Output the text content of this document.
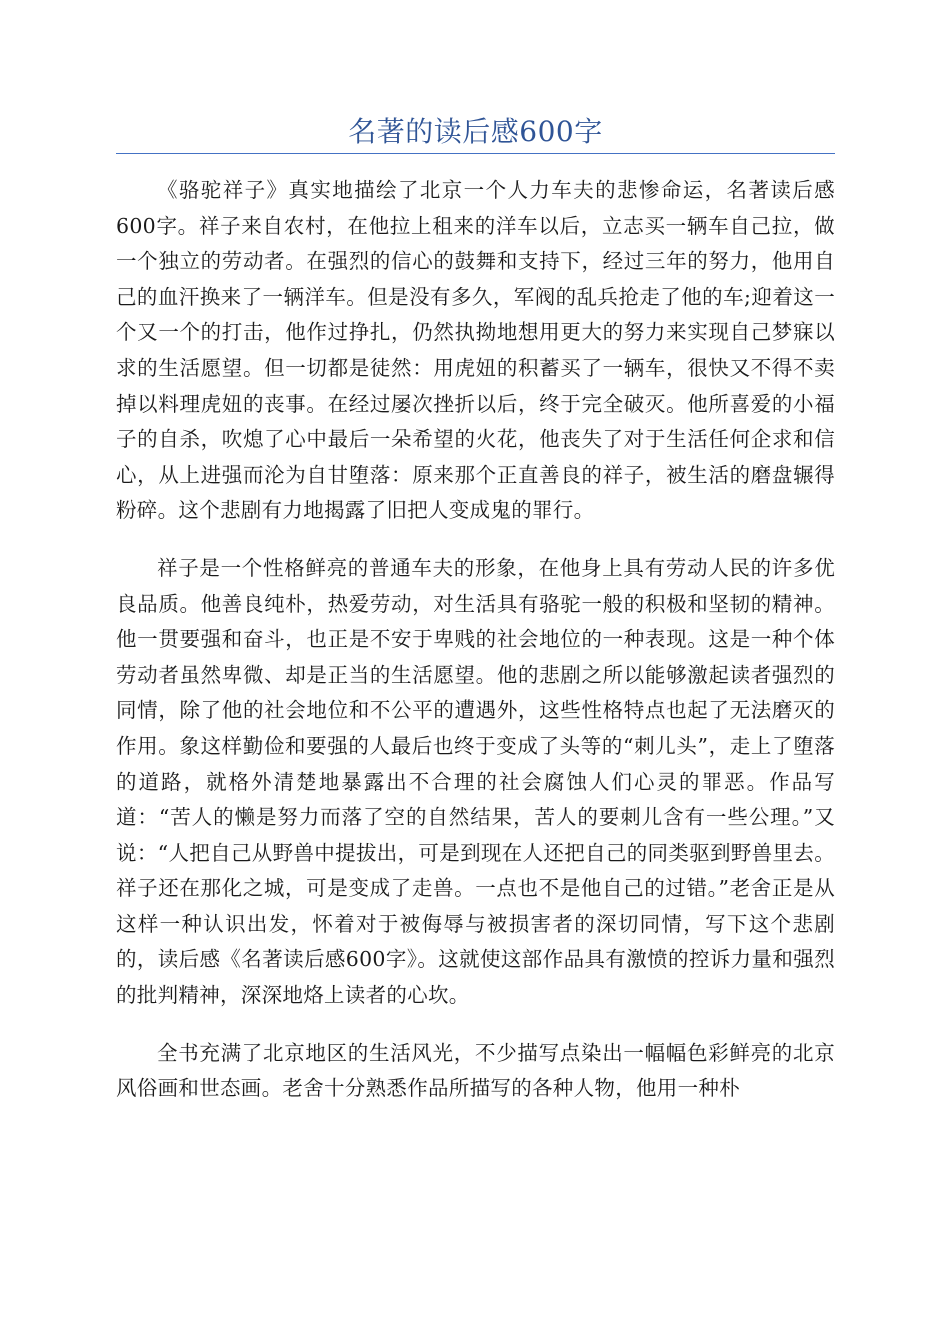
名著的读后感600字

《骆驼祥子》真实地描绘了北京一个人力车夫的悲惨命运，名著读后感600字。祥子来自农村，在他拉上租来的洋车以后，立志买一辆车自己拉，做一个独立的劳动者。在强烈的信心的鼓舞和支持下，经过三年的努力，他用自己的血汗换来了一辆洋车。但是没有多久，军阀的乱兵抢走了他的车;迎着这一个又一个的打击，他作过挣扎，仍然执拗地想用更大的努力来实现自己梦寐以求的生活愿望。但一切都是徒然：用虎妞的积蓄买了一辆车，很快又不得不卖掉以料理虎妞的丧事。在经过屡次挫折以后，终于完全破灭。他所喜爱的小福子的自杀，吹熄了心中最后一朵希望的火花，他丧失了对于生活任何企求和信心，从上进强而沦为自甘堕落：原来那个正直善良的祥子，被生活的磨盘辗得粉碎。这个悲剧有力地揭露了旧把人变成鬼的罪行。

祥子是一个性格鲜亮的普通车夫的形象，在他身上具有劳动人民的许多优良品质。他善良纯朴，热爱劳动，对生活具有骆驼一般的积极和坚韧的精神。他一贯要强和奋斗，也正是不安于卑贱的社会地位的一种表现。这是一种个体劳动者虽然卑微、却是正当的生活愿望。他的悲剧之所以能够激起读者强烈的同情，除了他的社会地位和不公平的遭遇外，这些性格特点也起了无法磨灭的作用。象这样勤俭和要强的人最后也终于变成了头等的“刺儿头”，走上了堕落的道路，就格外清楚地暴露出不合理的社会腐蚀人们心灵的罪恶。作品写道：“苦人的懒是努力而落了空的自然结果，苦人的要刺儿含有一些公理。”又说：“人把自己从野兽中提拔出，可是到现在人还把自己的同类驱到野兽里去。祥子还在那化之城，可是变成了走兽。一点也不是他自己的过错。”老舍正是从这样一种认识出发，怀着对于被侮辱与被损害者的深切同情，写下这个悲剧的，读后感《名著读后感600字》。这就使这部作品具有激愤的控诉力量和强烈的批判精神，深深地烙上读者的心坎。

全书充满了北京地区的生活风光，不少描写点染出一幅幅色彩鲜亮的北京风俗画和世态画。老舍十分熟悉作品所描写的各种人物，他用一种朴
